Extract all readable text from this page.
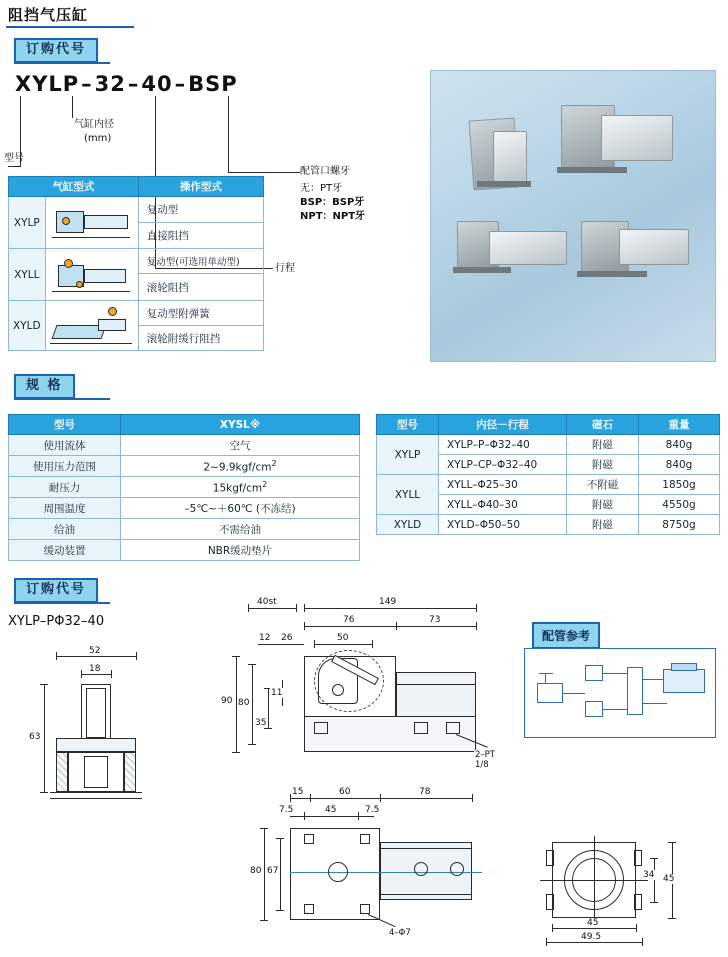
阻挡气压缸
订购代号
XYLP–32–40–BSP
型号
气缸内径
(mm)
行程
配管口螺牙
无：PT牙
BSP：BSP牙
NPT：NPT牙
气缸型式		操作型式
XYLP		复动型
		直接阻挡
XYLL		复动型(可选用单动型)
		滚轮阻挡
XYLD		复动型附弹簧
		滚轮附缓行阻挡
规 格
型号	XYSL※
使用流体	空气
使用压力范围	$2\sim 9.9kgf/cm^2$
耐压力	$15kgf/cm^2$
周围温度	–5℃~＋60℃ (不冻结)
给油	不需给油
缓动装置	NBR缓动垫片
型号	内径－行程	磁石	重量
XYLP	XYLP–P–Φ32–40	附磁	840g
	XYLP–CP–Φ32–40	附磁	840g
XYLL	XYLL–Φ25–30	不附磁	1850g
	XYLL–Φ40–30	附磁	4550g
XYLD	XYLD–Φ50–50	附磁	8750g
订购代号
XYLP–PΦ32–40
52
18
63
40st	149
76	73
12 26	50
90 80
35
11
2–PT 1/8
15	60	78
7.5	45	7.5
80 67
4–Φ7
34 45
45
49.5
配管参考
